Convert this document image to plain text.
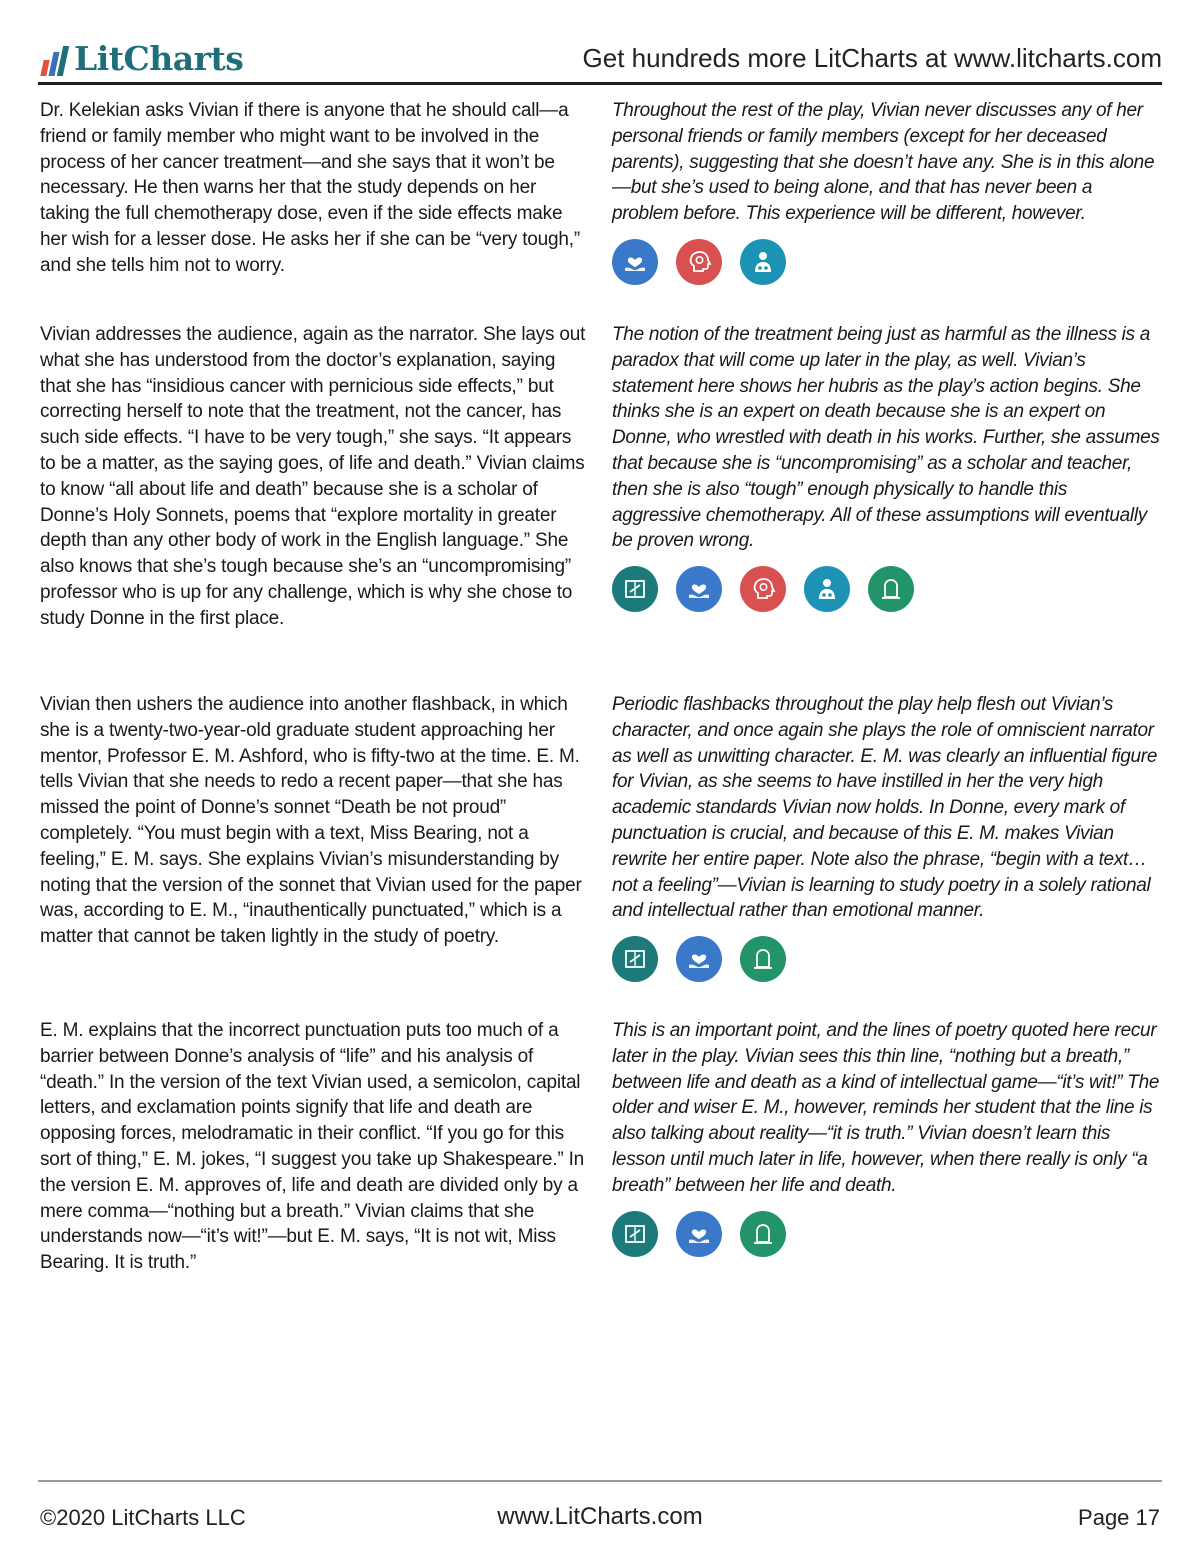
LitCharts	Get hundreds more LitCharts at www.litcharts.com
Dr. Kelekian asks Vivian if there is anyone that he should call—a friend or family member who might want to be involved in the process of her cancer treatment—and she says that it won’t be necessary. He then warns her that the study depends on her taking the full chemotherapy dose, even if the side effects make her wish for a lesser dose. He asks her if she can be “very tough,” and she tells him not to worry.
Throughout the rest of the play, Vivian never discusses any of her personal friends or family members (except for her deceased parents), suggesting that she doesn’t have any. She is in this alone—but she’s used to being alone, and that has never been a problem before. This experience will be different, however.
Vivian addresses the audience, again as the narrator. She lays out what she has understood from the doctor’s explanation, saying that she has “insidious cancer with pernicious side effects,” but correcting herself to note that the treatment, not the cancer, has such side effects. “I have to be very tough,” she says. “It appears to be a matter, as the saying goes, of life and death.” Vivian claims to know “all about life and death” because she is a scholar of Donne’s Holy Sonnets, poems that “explore mortality in greater depth than any other body of work in the English language.” She also knows that she’s tough because she’s an “uncompromising” professor who is up for any challenge, which is why she chose to study Donne in the first place.
The notion of the treatment being just as harmful as the illness is a paradox that will come up later in the play, as well. Vivian’s statement here shows her hubris as the play’s action begins. She thinks she is an expert on death because she is an expert on Donne, who wrestled with death in his works. Further, she assumes that because she is “uncompromising” as a scholar and teacher, then she is also “tough” enough physically to handle this aggressive chemotherapy. All of these assumptions will eventually be proven wrong.
Vivian then ushers the audience into another flashback, in which she is a twenty-two-year-old graduate student approaching her mentor, Professor E. M. Ashford, who is fifty-two at the time. E. M. tells Vivian that she needs to redo a recent paper—that she has missed the point of Donne’s sonnet “Death be not proud” completely. “You must begin with a text, Miss Bearing, not a feeling,” E. M. says. She explains Vivian’s misunderstanding by noting that the version of the sonnet that Vivian used for the paper was, according to E. M., “inauthentically punctuated,” which is a matter that cannot be taken lightly in the study of poetry.
Periodic flashbacks throughout the play help flesh out Vivian’s character, and once again she plays the role of omniscient narrator as well as unwitting character. E. M. was clearly an influential figure for Vivian, as she seems to have instilled in her the very high academic standards Vivian now holds. In Donne, every mark of punctuation is crucial, and because of this E. M. makes Vivian rewrite her entire paper. Note also the phrase, “begin with a text…not a feeling”—Vivian is learning to study poetry in a solely rational and intellectual rather than emotional manner.
E. M. explains that the incorrect punctuation puts too much of a barrier between Donne’s analysis of “life” and his analysis of “death.” In the version of the text Vivian used, a semicolon, capital letters, and exclamation points signify that life and death are opposing forces, melodramatic in their conflict. “If you go for this sort of thing,” E. M. jokes, “I suggest you take up Shakespeare.” In the version E. M. approves of, life and death are divided only by a mere comma—“nothing but a breath.” Vivian claims that she understands now—“it’s wit!”—but E. M. says, “It is not wit, Miss Bearing. It is truth.”
This is an important point, and the lines of poetry quoted here recur later in the play. Vivian sees this thin line, “nothing but a breath,” between life and death as a kind of intellectual game—“it’s wit!” The older and wiser E. M., however, reminds her student that the line is also talking about reality—“it is truth.” Vivian doesn’t learn this lesson until much later in life, however, when there really is only “a breath” between her life and death.
©2020 LitCharts LLC	www.LitCharts.com	Page 17
